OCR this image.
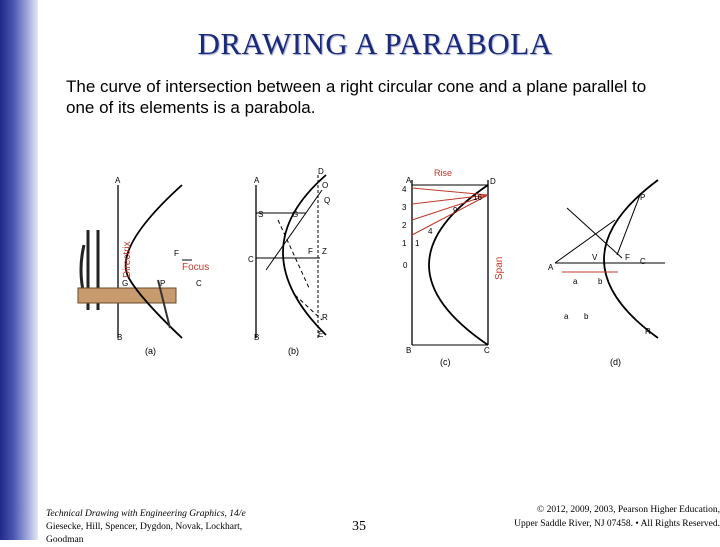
DRAWING A PARABOLA
The curve of intersection between a right circular cone and a plane parallel to one of its elements is a parabola.
A
B
G	P	C
F
Directrix	Focus
(a)
A
B
C
D
Q
S	G
F Z
R
E
O
(b)
Rise
Span
A
B	C
D
16
9
4
1
0
4
3
2
1
(c)
P
A
V	F C
R
a	b
a b
(d)
Technical Drawing with Engineering Graphics, 14/e
Giesecke, Hill, Spencer, Dygdon, Novak, Lockhart, Goodman
35
© 2012, 2009, 2003, Pearson Higher Education,
Upper Saddle River, NJ 07458. • All Rights Reserved.
